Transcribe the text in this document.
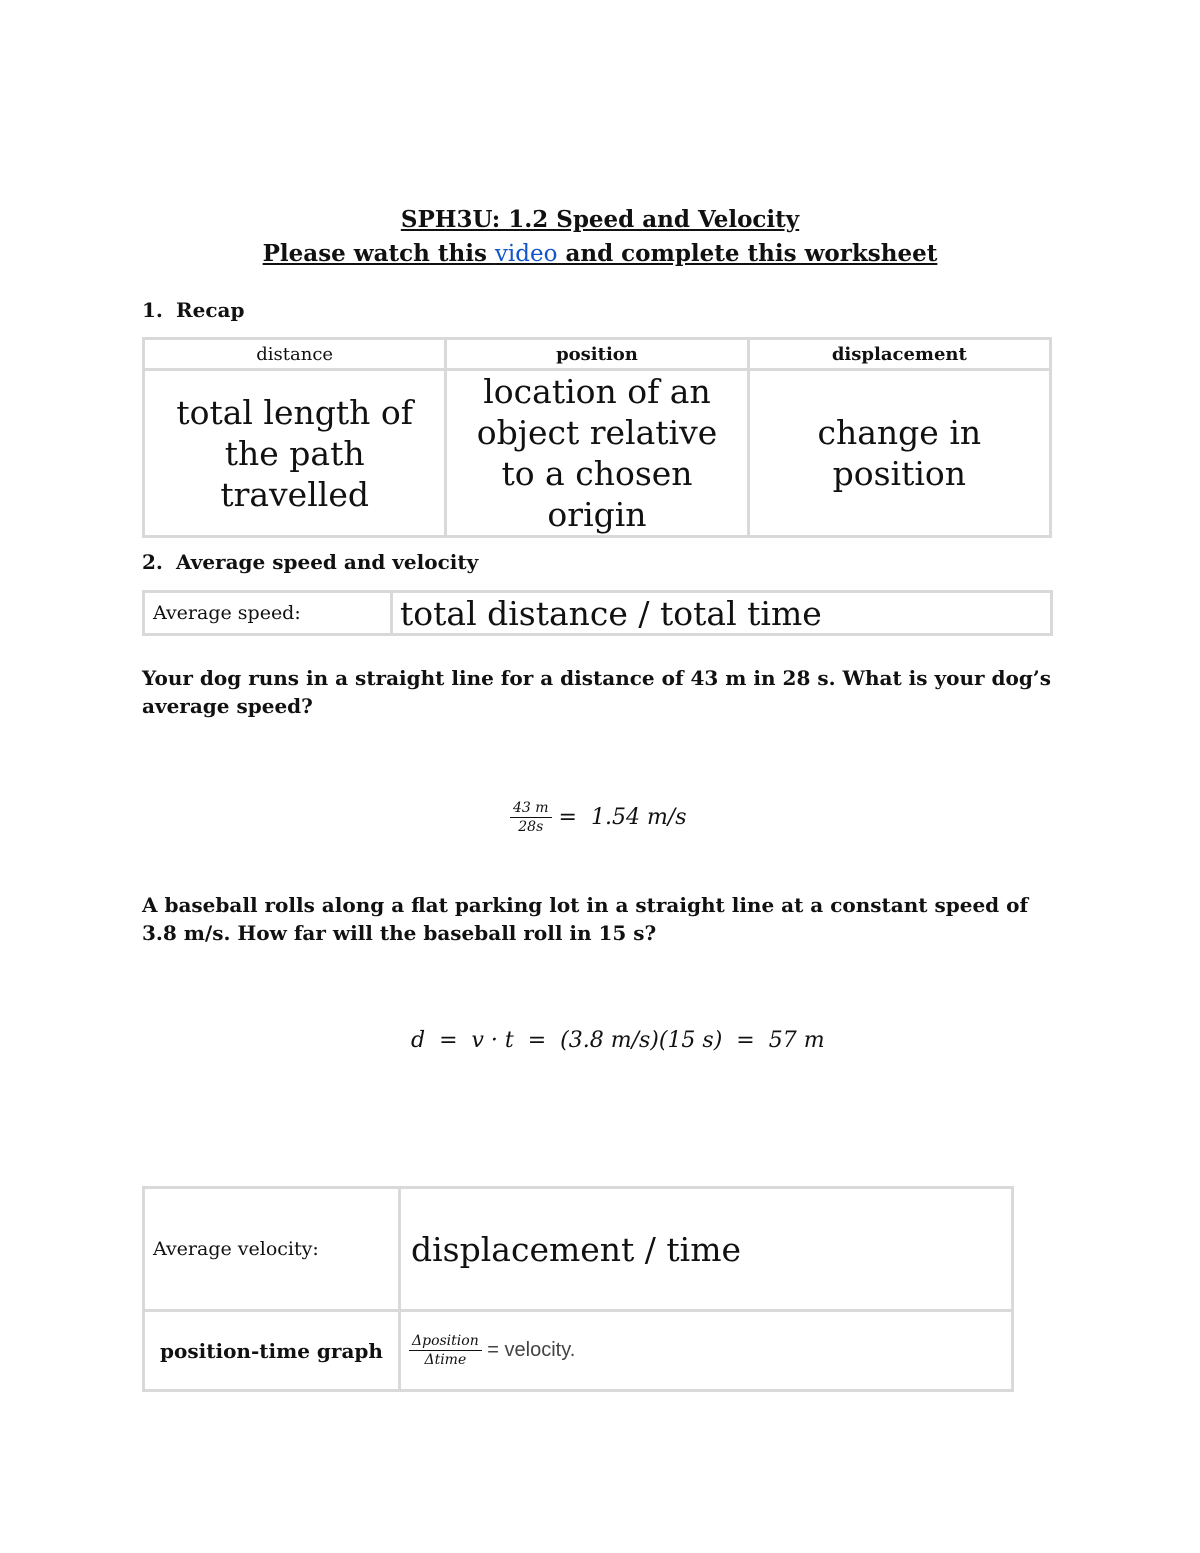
SPH3U: 1.2 Speed and Velocity
Please watch this video and complete this worksheet
1. Recap
distance	position	displacement
total length of the path travelled	location of an object relative to a chosen origin	change in position
2. Average speed and velocity
Average speed:	total distance / total time
Your dog runs in a straight line for a distance of 43 m in 28 s. What is your dog’s average speed?
$\frac{43 m}{28s} = 1.54$ m/s
A baseball rolls along a flat parking lot in a straight line at a constant speed of 3.8 m/s. How far will the baseball roll in 15 s?
d  =  v · t  =  (3.8 m/s)(15 s)  =  57 m
Average velocity:	displacement / time
position-time graph	$\frac{\text{Δposition}}{\text{Δtime}}$ = velocity.
